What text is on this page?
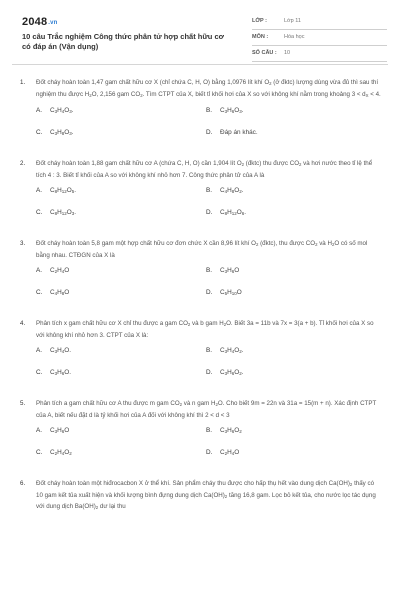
2048.vn
10 câu Trắc nghiệm Công thức phân tử hợp chất hữu cơ có đáp án (Vận dụng)
LỚP :	Lớp 11
MÔN :	Hóa học
SỐ CÂU : 10
1.	Đốt cháy hoàn toàn 1,47 gam chất hữu cơ X (chỉ chứa C, H, O) bằng 1,0976 lít khí $O_2$ (ở đktc) lượng dùng vừa đủ thì sau thí nghiệm thu được $H_2O$, 2,156 gam $CO_2$. Tìm CTPT của X, biết tỉ khối hơi của X so với không khí nằm trong khoảng $3 < d_X < 4$.
A. $C_3H_4O_3$.	B. $C_3H_6O_3$.
C. $C_3H_8O_3$.	D. Đáp án khác.
2.	Đốt cháy hoàn toàn 1,88 gam chất hữu cơ A (chứa C, H, O) cần 1,904 lít $O_2$ (đktc) thu được $CO_2$ và hơi nước theo tỉ lệ thể tích 4 : 3. Biết tỉ khối của A so với không khí nhỏ hơn 7. Công thức phân tử của A là
A. $C_8H_{12}O_5$.	B. $C_4H_8O_2$.
C. $C_8H_{12}O_3$.	D. $C_8H_{12}O_6$.
3.	Đốt cháy hoàn toàn 5,8 gam một hợp chất hữu cơ đơn chức X cần 8,96 lít khí $O_2$ (đktc), thu được $CO_2$ và $H_2O$ có số mol bằng nhau. CTĐGN của X là
A. $C_2H_4O$	B. $C_3H_6O$
C. $C_4H_8O$	D. $C_5H_{10}O$
4.	Phân tích x gam chất hữu cơ X chỉ thu được a gam $CO_2$ và b gam $H_2O$. Biết 3a = 11b và 7x = 3(a + b). Tỉ khối hơi của X so với không khí nhỏ hơn 3. CTPT của X là:
A. $C_3H_4O$.	B. $C_3H_4O_2$.
C. $C_3H_6O$.	D. $C_3H_6O_2$.
5.	Phân tích a gam chất hữu cơ A thu được m gam $CO_2$ và n gam $H_2O$. Cho biết 9m = 22n và 31a = 15(m + n). Xác định CTPT của A, biết nếu đặt d là tỷ khối hơi của A đối với không khí thì 2 < d < 3
A. $C_3H_6O$	B. $C_3H_6O_2$
C. $C_2H_4O_2$	D. $C_2H_4O$
6.	Đốt cháy hoàn toàn một hiđrocacbon X ở thể khí. Sản phẩm cháy thu được cho hấp thụ hết vào dung dịch $Ca(OH)_2$ thấy có 10 gam kết tủa xuất hiện và khối lượng bình đựng dung dịch $Ca(OH)_2$ tăng 16,8 gam. Lọc bỏ kết tủa, cho nước lọc tác dụng với dung dịch $Ba(OH)_2$ dư lại thu
